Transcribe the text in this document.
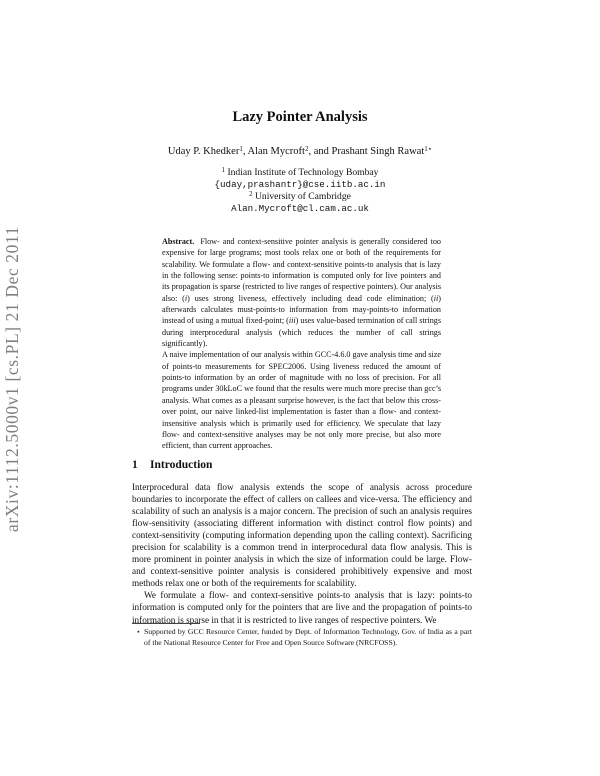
arXiv:1112.5000v1 [cs.PL] 21 Dec 2011
Lazy Pointer Analysis
Uday P. Khedker$^1$, Alan Mycroft$^2$, and Prashant Singh Rawat$^{1⋆}$
$^1$ Indian Institute of Technology Bombay
{uday,prashantr}@cse.iitb.ac.in
$^2$ University of Cambridge
Alan.Mycroft@cl.cam.ac.uk

Abstract. Flow- and context-sensitive pointer analysis is generally considered too expensive for large programs; most tools relax one or both of the requirements for scalability. We formulate a flow- and context-sensitive points-to analysis that is lazy in the following sense: points-to information is computed only for live pointers and its propagation is sparse (restricted to live ranges of respective pointers). Our analysis also: (i) uses strong liveness, effectively including dead code elimination; (ii) afterwards calculates must-points-to information from may-points-to information instead of using a mutual fixed-point; (iii) uses value-based termination of call strings during interprocedural analysis (which reduces the number of call strings significantly).

A naive implementation of our analysis within GCC-4.6.0 gave analysis time and size of points-to measurements for SPEC2006. Using liveness reduced the amount of points-to information by an order of magnitude with no loss of precision. For all programs under 30kLoC we found that the results were much more precise than gcc’s analysis. What comes as a pleasant surprise however, is the fact that below this cross-over point, our naive linked-list implementation is faster than a flow- and context-insensitive analysis which is primarily used for efficiency. We speculate that lazy flow- and context-sensitive analyses may be not only more precise, but also more efficient, than current approaches.

1 Introduction

Interprocedural data flow analysis extends the scope of analysis across procedure boundaries to incorporate the effect of callers on callees and vice-versa. The efficiency and scalability of such an analysis is a major concern. The precision of such an analysis requires flow-sensitivity (associating different information with distinct control flow points) and context-sensitivity (computing information depending upon the calling context). Sacrificing precision for scalability is a common trend in interprocedural data flow analysis. This is more prominent in pointer analysis in which the size of information could be large. Flow- and context-sensitive pointer analysis is considered prohibitively expensive and most methods relax one or both of the requirements for scalability.

We formulate a flow- and context-sensitive points-to analysis that is lazy: points-to information is computed only for the pointers that are live and the propagation of points-to information is sparse in that it is restricted to live ranges of respective pointers. We

⋆ Supported by GCC Resource Center, funded by Dept. of Information Technology, Gov. of India as a part of the National Resource Center for Free and Open Source Software (NRCFOSS).
